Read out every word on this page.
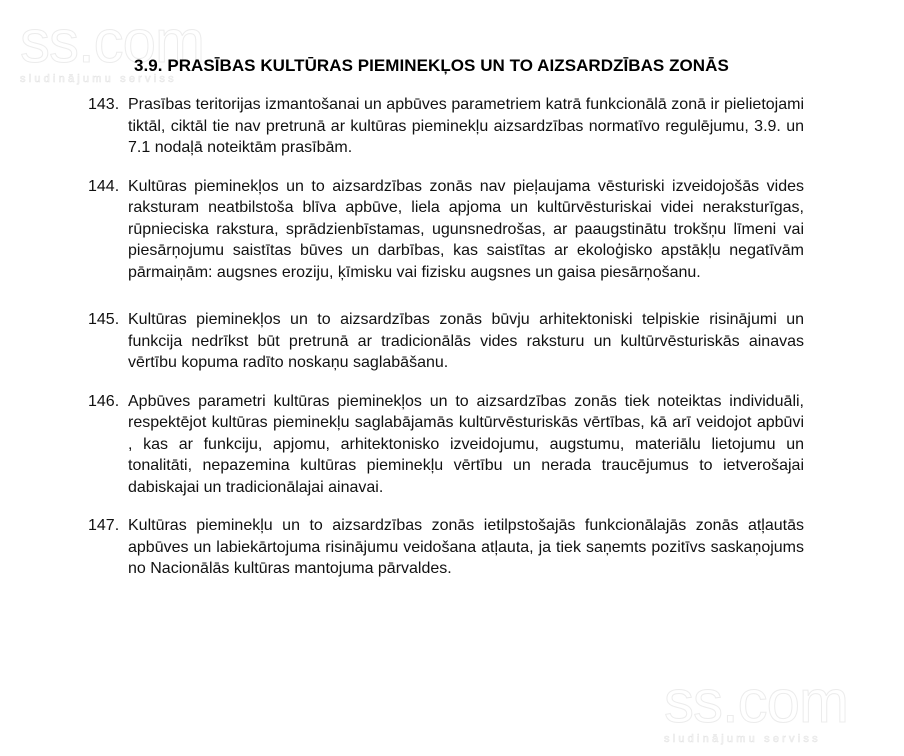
ss.com
sludinājumu serviss
ss.com
sludinājumu serviss
3.9. PRASĪBAS KULTŪRAS PIEMINEKĻOS UN TO AIZSARDZĪBAS ZONĀS
143. Prasības teritorijas izmantošanai un apbūves parametriem katrā funkcionālā zonā ir pielietojami tiktāl, ciktāl tie nav pretrunā ar kultūras pieminekļu aizsardzības normatīvo regulējumu, 3.9. un 7.1 nodaļā noteiktām prasībām.
144. Kultūras pieminekļos un to aizsardzības zonās nav pieļaujama vēsturiski izveidojošās vides raksturam neatbilstoša blīva apbūve, liela apjoma un kultūrvēsturiskai videi neraksturīgas, rūpnieciska rakstura, sprādzienbīstamas, ugunsnedrošas, ar paaugstinātu trokšņu līmeni vai piesārņojumu saistītas būves un darbības, kas saistītas ar ekoloģisko apstākļu negatīvām pārmaiņām: augsnes eroziju, ķīmisku vai fizisku augsnes un gaisa piesārņošanu.
145. Kultūras pieminekļos un to aizsardzības zonās būvju arhitektoniski telpiskie risinājumi un funkcija nedrīkst būt pretrunā ar tradicionālās vides raksturu un kultūrvēsturiskās ainavas vērtību kopuma radīto noskaņu saglabāšanu.
146. Apbūves parametri kultūras pieminekļos un to aizsardzības zonās tiek noteiktas individuāli, respektējot kultūras pieminekļu saglabājamās kultūrvēsturiskās vērtības, kā arī veidojot apbūvi , kas ar funkciju, apjomu, arhitektonisko izveidojumu, augstumu, materiālu lietojumu un tonalitāti, nepazemina kultūras pieminekļu vērtību un nerada traucējumus to ietverošajai dabiskajai un tradicionālajai ainavai.
147. Kultūras pieminekļu un to aizsardzības zonās ietilpstošajās funkcionālajās zonās atļautās apbūves un labiekārtojuma risinājumu veidošana atļauta, ja tiek saņemts pozitīvs saskaņojums no Nacionālās kultūras mantojuma pārvaldes.
